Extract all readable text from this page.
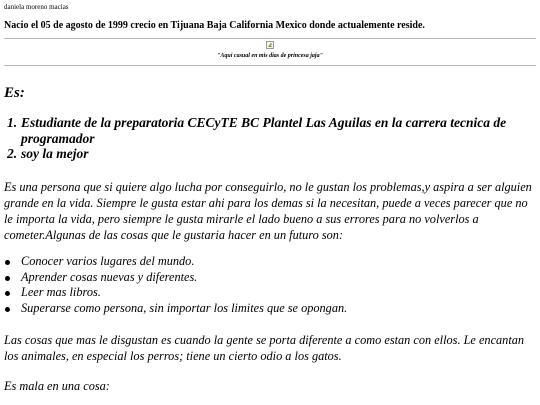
daniela moreno macias
Nacio el 05 de agosto de 1999 crecio en Tijuana Baja California Mexico donde actualemente reside.
"Aqui casual en mis dias de princesa jaja"
Es:
1. Estudiante de la preparatoria CECyTE BC Plantel Las Aguilas en la carrera tecnica de programador
2. soy la mejor

Es una persona que si quiere algo lucha por conseguirlo, no le gustan los problemas,y aspira a ser alguien grande en la vida. Siempre le gusta estar ahi para los demas si la necesitan, puede a veces parecer que no le importa la vida, pero siempre le gusta mirarle el lado bueno a sus errores para no volverlos a cometer.Algunas de las cosas que le gustaria hacer en un futuro son:

Conocer varios lugares del mundo.
Aprender cosas nuevas y diferentes.
Leer mas libros.
Superarse como persona, sin importar los limites que se opongan.

Las cosas que mas le disgustan es cuando la gente se porta diferente a como estan con ellos. Le encantan los animales, en especial los perros; tiene un cierto odio a los gatos.

Es mala en una cosa:
